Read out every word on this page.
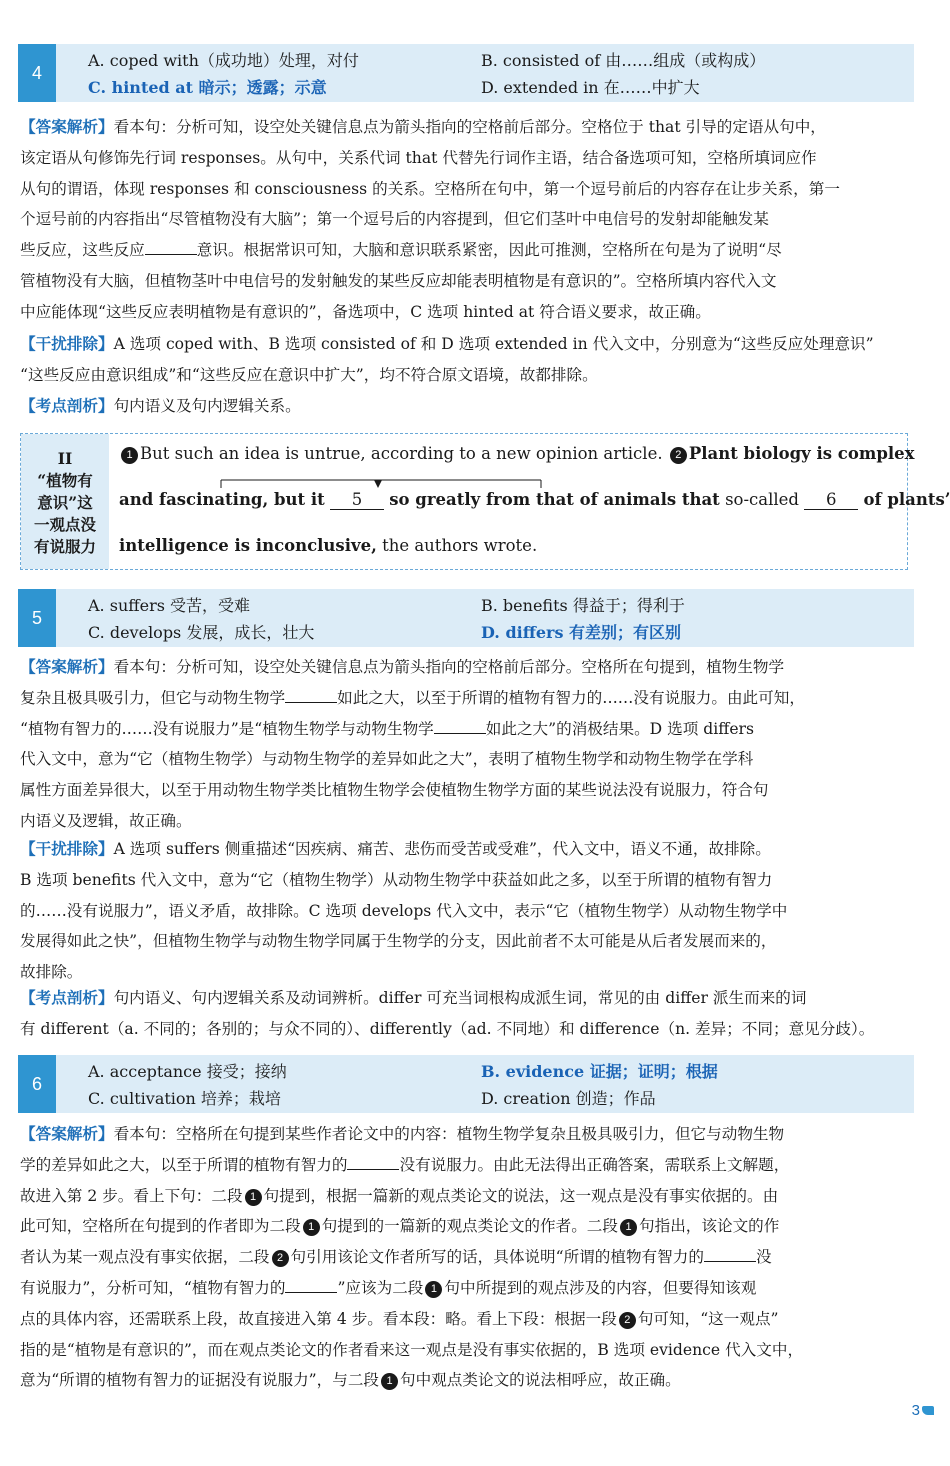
4
A. coped with（成功地）处理，对付	B. consisted of 由……组成（或构成）
C. hinted at 暗示；透露；示意	D. extended in 在……中扩大
【答案解析】看本句：分析可知，设空处关键信息点为箭头指向的空格前后部分。空格位于 that 引导的定语从句中，
该定语从句修饰先行词 responses。从句中，关系代词 that 代替先行词作主语，结合备选项可知，空格所填词应作
从句的谓语，体现 responses 和 consciousness 的关系。空格所在句中，第一个逗号前后的内容存在让步关系，第一
个逗号前的内容指出“尽管植物没有大脑”；第一个逗号后的内容提到，但它们茎叶中电信号的发射却能触发某
些反应，这些反应	意识。根据常识可知，大脑和意识联系紧密，因此可推测，空格所在句是为了说明“尽
管植物没有大脑，但植物茎叶中电信号的发射触发的某些反应却能表明植物是有意识的”。空格所填内容代入文
中应能体现“这些反应表明植物是有意识的”，备选项中，C 选项 hinted at 符合语义要求，故正确。
【干扰排除】A 选项 coped with、B 选项 consisted of 和 D 选项 extended in 代入文中，分别意为“这些反应处理意识”
“这些反应由意识组成”和“这些反应在意识中扩大”，均不符合原文语境，故都排除。
【考点剖析】句内语义及句内逻辑关系。
II
“植物有
意识”这
一观点没
有说服力
1 But such an idea is untrue, according to a new opinion article. 2 Plant biology is complex
and fascinating, but it 5 so greatly from that of animals that so-called 6 of plants’
intelligence is inconclusive, the authors wrote.
5
A. suffers 受苦，受难	B. benefits 得益于；得利于
C. develops 发展，成长，壮大	D. differs 有差别；有区别
【答案解析】看本句：分析可知，设空处关键信息点为箭头指向的空格前后部分。空格所在句提到，植物生物学
复杂且极具吸引力，但它与动物生物学	如此之大，以至于所谓的植物有智力的……没有说服力。由此可知，
“植物有智力的……没有说服力”是“植物生物学与动物生物学	如此之大”的消极结果。D 选项 differs
代入文中，意为“它（植物生物学）与动物生物学的差异如此之大”，表明了植物生物学和动物生物学在学科
属性方面差异很大，以至于用动物生物学类比植物生物学会使植物生物学方面的某些说法没有说服力，符合句
内语义及逻辑，故正确。
【干扰排除】A 选项 suffers 侧重描述“因疾病、痛苦、悲伤而受苦或受难”，代入文中，语义不通，故排除。
B 选项 benefits 代入文中，意为“它（植物生物学）从动物生物学中获益如此之多，以至于所谓的植物有智力
的……没有说服力”，语义矛盾，故排除。C 选项 develops 代入文中，表示“它（植物生物学）从动物生物学中
发展得如此之快”，但植物生物学与动物生物学同属于生物学的分支，因此前者不太可能是从后者发展而来的，
故排除。
【考点剖析】句内语义、句内逻辑关系及动词辨析。differ 可充当词根构成派生词，常见的由 differ 派生而来的词
有 different（a. 不同的；各别的；与众不同的）、differently（ad. 不同地）和 difference（n. 差异；不同；意见分歧）。
6
A. acceptance 接受；接纳	B. evidence 证据；证明；根据
C. cultivation 培养；栽培	D. creation 创造；作品
【答案解析】看本句：空格所在句提到某些作者论文中的内容：植物生物学复杂且极具吸引力，但它与动物生物
学的差异如此之大，以至于所谓的植物有智力的	没有说服力。由此无法得出正确答案，需联系上文解题，
故进入第 2 步。看上下句：二段 1 句提到，根据一篇新的观点类论文的说法，这一观点是没有事实依据的。由
此可知，空格所在句提到的作者即为二段 1 句提到的一篇新的观点类论文的作者。二段 1 句指出，该论文的作
者认为某一观点没有事实依据，二段 2 句引用该论文作者所写的话，具体说明“所谓的植物有智力的	没
有说服力”，分析可知，“植物有智力的	”应该为二段 1 句中所提到的观点涉及的内容，但要得知该观
点的具体内容，还需联系上段，故直接进入第 4 步。看本段：略。看上下段：根据一段 2 句可知，“这一观点”
指的是“植物是有意识的”，而在观点类论文的作者看来这一观点是没有事实依据的，B 选项 evidence 代入文中，
意为“所谓的植物有智力的证据没有说服力”，与二段 1 句中观点类论文的说法相呼应，故正确。
3
